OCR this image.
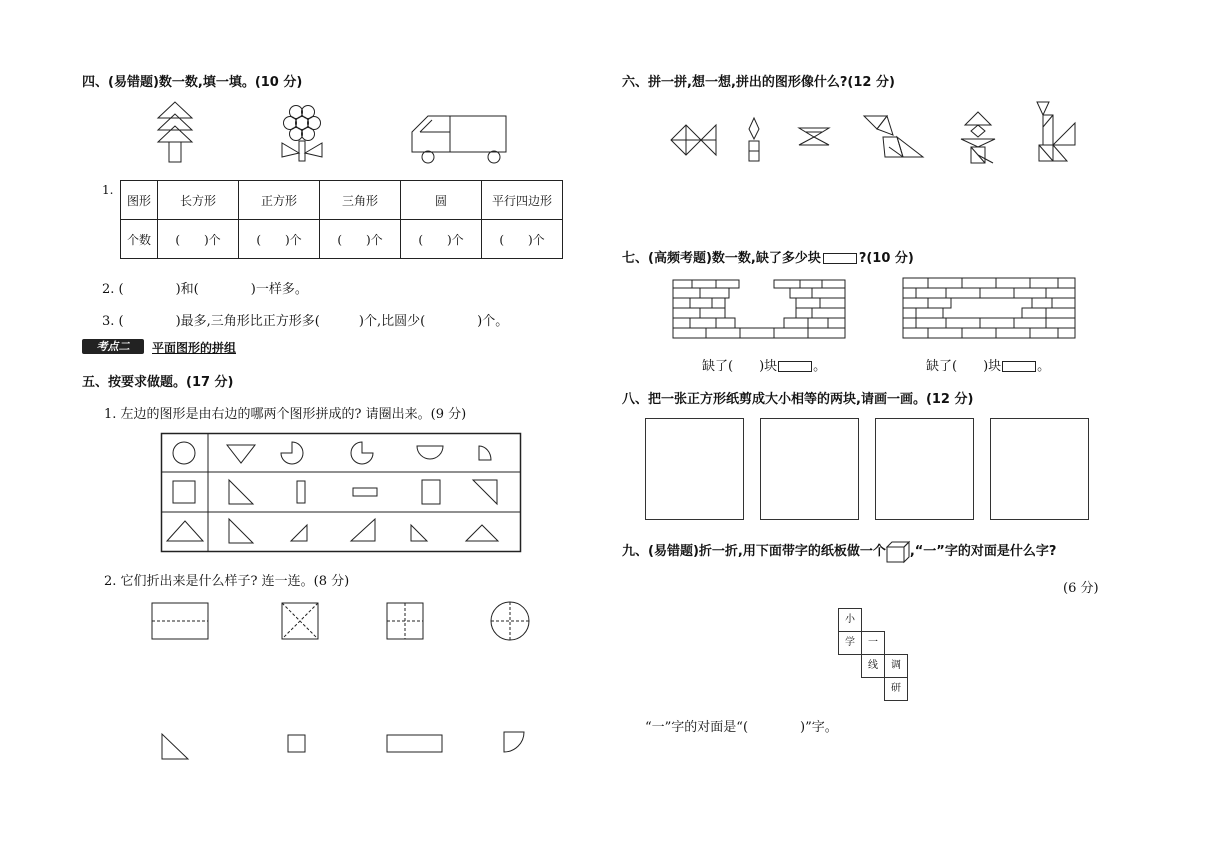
四、(易错题)数一数,填一填。(10 分)
1.
图形	长方形	正方形	三角形	圆	平行四边形
个数	(　　)个	(　　)个	(　　)个	(　　)个	(　　)个
2. (　　　　)和(　　　　)一样多。
3. (　　　　)最多,三角形比正方形多(　　　)个,比圆少(　　　　)个。
考点二	平面图形的拼组
五、按要求做题。(17 分)
1. 左边的图形是由右边的哪两个图形拼成的? 请圈出来。(9 分)
2. 它们折出来是什么样子? 连一连。(8 分)
六、拼一拼,想一想,拼出的图形像什么?(12 分)
七、(高频考题)数一数,缺了多少块	?(10 分)
缺了(　　)块	。	缺了(　　)块	。
八、把一张正方形纸剪成大小相等的两块,请画一画。(12 分)
九、(易错题)折一折,用下面带字的纸板做一个 ,“一”字的对面是什么字?
(6 分)
小
学	一
线	调
研
“一”字的对面是“(　　　　)”字。
